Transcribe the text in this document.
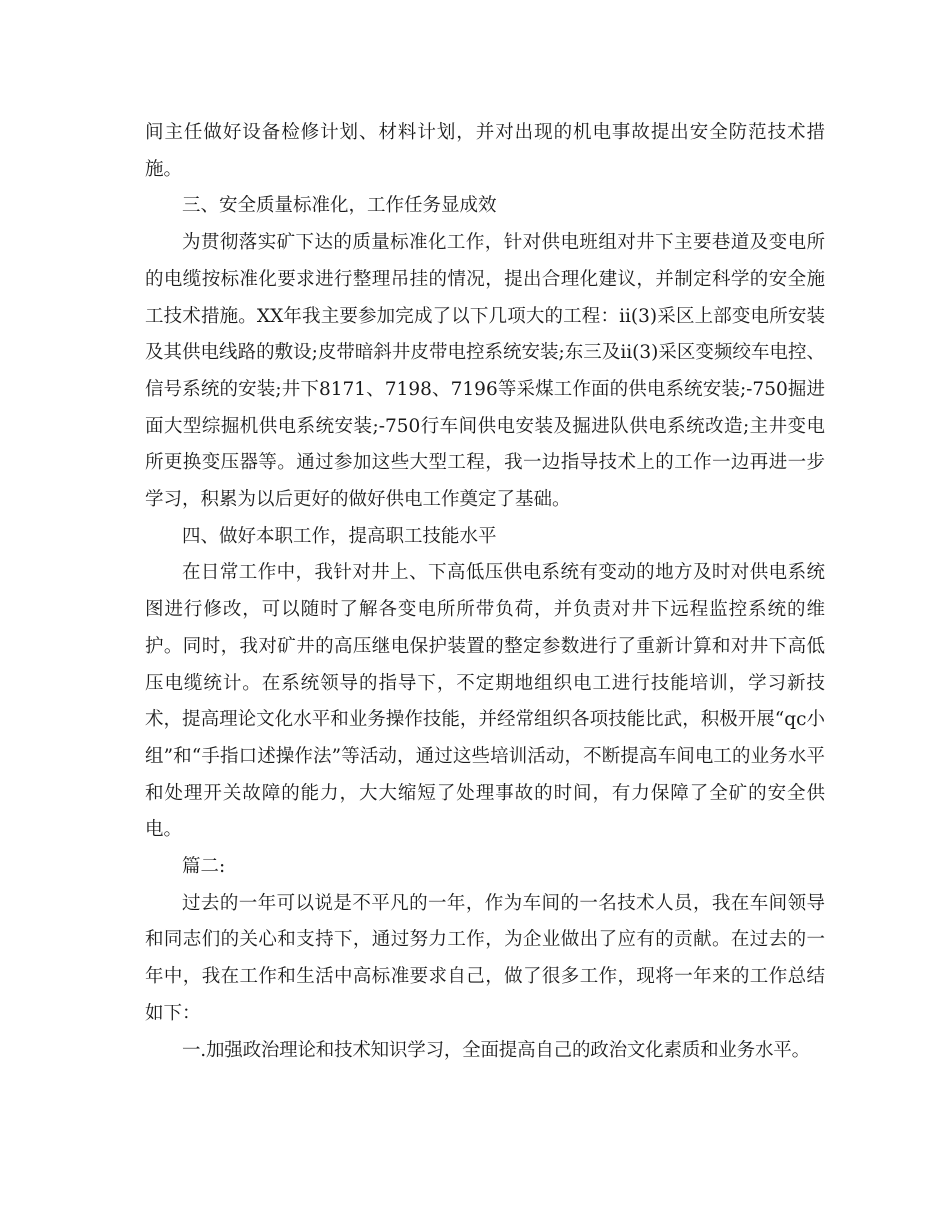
间主任做好设备检修计划、材料计划，并对出现的机电事故提出安全防范技术措施。

三、安全质量标准化，工作任务显成效

为贯彻落实矿下达的质量标准化工作，针对供电班组对井下主要巷道及变电所的电缆按标准化要求进行整理吊挂的情况，提出合理化建议，并制定科学的安全施工技术措施。XX年我主要参加完成了以下几项大的工程：ii(3)采区上部变电所安装及其供电线路的敷设;皮带暗斜井皮带电控系统安装;东三及ii(3)采区变频绞车电控、信号系统的安装;井下8171、7198、7196等采煤工作面的供电系统安装;-750掘进面大型综掘机供电系统安装;-750行车间供电安装及掘进队供电系统改造;主井变电所更换变压器等。通过参加这些大型工程，我一边指导技术上的工作一边再进一步学习，积累为以后更好的做好供电工作奠定了基础。

四、做好本职工作，提高职工技能水平

在日常工作中，我针对井上、下高低压供电系统有变动的地方及时对供电系统图进行修改，可以随时了解各变电所所带负荷，并负责对井下远程监控系统的维护。同时，我对矿井的高压继电保护装置的整定参数进行了重新计算和对井下高低压电缆统计。在系统领导的指导下，不定期地组织电工进行技能培训，学习新技术，提高理论文化水平和业务操作技能，并经常组织各项技能比武，积极开展“qc小组”和“手指口述操作法”等活动，通过这些培训活动，不断提高车间电工的业务水平和处理开关故障的能力，大大缩短了处理事故的时间，有力保障了全矿的安全供电。

篇二:

过去的一年可以说是不平凡的一年，作为车间的一名技术人员，我在车间领导和同志们的关心和支持下，通过努力工作，为企业做出了应有的贡献。在过去的一年中，我在工作和生活中高标准要求自己，做了很多工作，现将一年来的工作总结如下：

一.加强政治理论和技术知识学习，全面提高自己的政治文化素质和业务水平。
